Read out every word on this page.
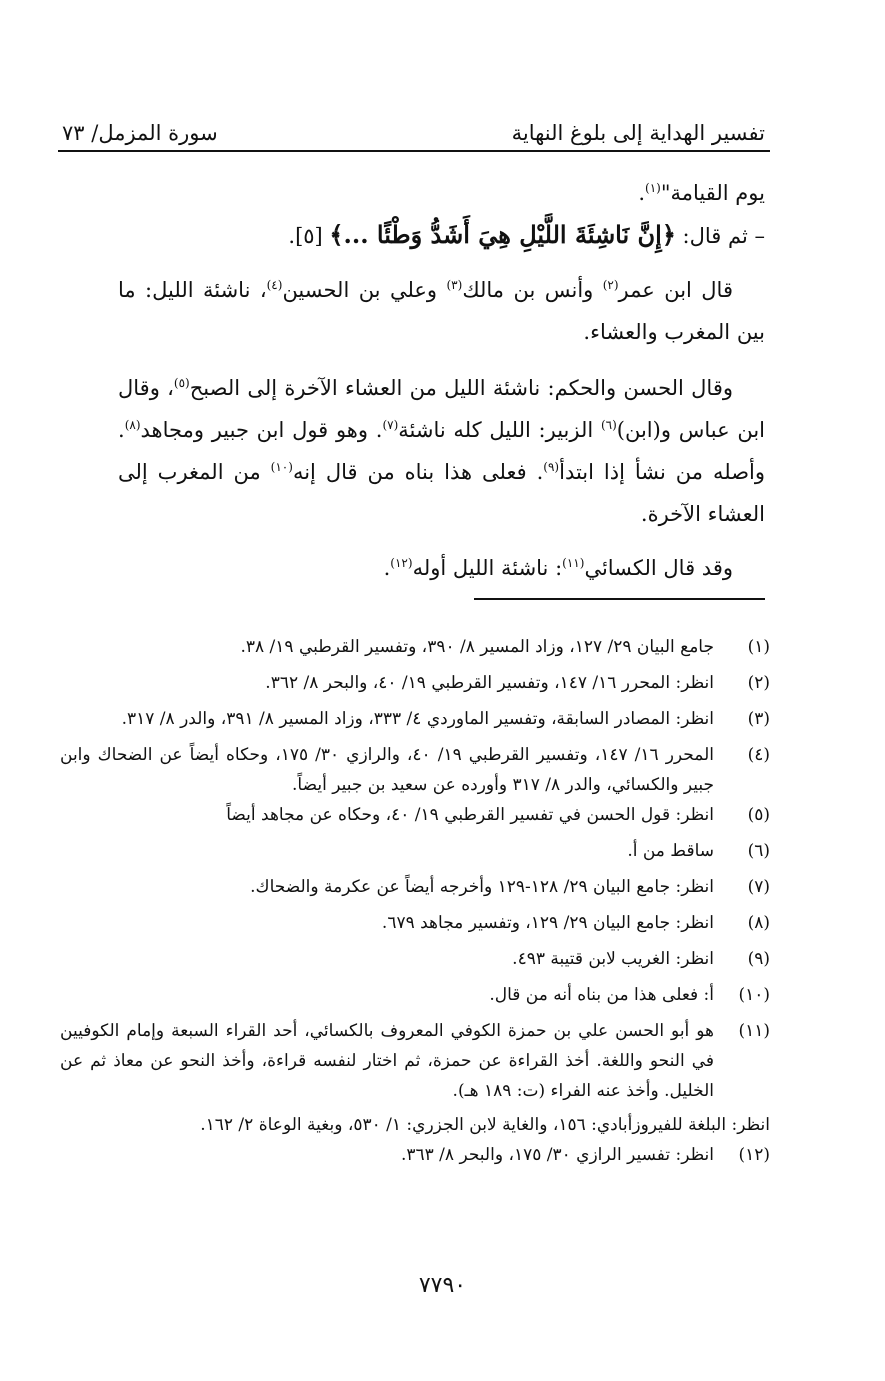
تفسير الهداية إلى بلوغ النهاية
سورة المزمل/ ٧٣

يوم القيامة"$^{(١)}$.

– ثم قال: ﴿إِنَّ نَاشِئَةَ اللَّيْلِ هِيَ أَشَدُّ وَطْئًا ...﴾ [٥].

قال ابن عمر$^{(٢)}$ وأنس بن مالك$^{(٣)}$ وعلي بن الحسين$^{(٤)}$، ناشئة الليل: ما بين المغرب والعشاء.

وقال الحسن والحكم: ناشئة الليل من العشاء الآخرة إلى الصبح$^{(٥)}$، وقال ابن عباس و(ابن)$^{(٦)}$ الزبير: الليل كله ناشئة$^{(٧)}$. وهو قول ابن جبير ومجاهد$^{(٨)}$. وأصله من نشأ إذا ابتدأ$^{(٩)}$. فعلى هذا بناه من قال إنه$^{(١٠)}$ من المغرب إلى العشاء الآخرة.

وقد قال الكسائي$^{(١١)}$: ناشئة الليل أوله$^{(١٢)}$.

(١)
جامع البيان ٢٩/ ١٢٧، وزاد المسير ٨/ ٣٩٠، وتفسير القرطبي ١٩/ ٣٨.
(٢)
انظر: المحرر ١٦/ ١٤٧، وتفسير القرطبي ١٩/ ٤٠، والبحر ٨/ ٣٦٢.
(٣)
انظر: المصادر السابقة، وتفسير الماوردي ٤/ ٣٣٣، وزاد المسير ٨/ ٣٩١، والدر ٨/ ٣١٧.
(٤)
المحرر ١٦/ ١٤٧، وتفسير القرطبي ١٩/ ٤٠، والرازي ٣٠/ ١٧٥، وحكاه أيضاً عن الضحاك وابن جبير والكسائي، والدر ٨/ ٣١٧ وأورده عن سعيد بن جبير أيضاً.
(٥)
انظر: قول الحسن في تفسير القرطبي ١٩/ ٤٠، وحكاه عن مجاهد أيضاً
(٦)
ساقط من أ.
(٧)
انظر: جامع البيان ٢٩/ ١٢٨-١٢٩ وأخرجه أيضاً عن عكرمة والضحاك.
(٨)
انظر: جامع البيان ٢٩/ ١٢٩، وتفسير مجاهد ٦٧٩.
(٩)
انظر: الغريب لابن قتيبة ٤٩٣.
(١٠)
أ: فعلى هذا من بناه أنه من قال.
(١١)
هو أبو الحسن علي بن حمزة الكوفي المعروف بالكسائي، أحد القراء السبعة وإمام الكوفيين في النحو واللغة. أخذ القراءة عن حمزة، ثم اختار لنفسه قراءة، وأخذ النحو عن معاذ ثم عن الخليل. وأخذ عنه الفراء (ت: ١٨٩ هـ).
انظر: البلغة للفيروزأبادي: ١٥٦، والغاية لابن الجزري: ١/ ٥٣٠، وبغية الوعاة ٢/ ١٦٢.
(١٢)
انظر: تفسير الرازي ٣٠/ ١٧٥، والبحر ٨/ ٣٦٣.
٧٧٩٠
